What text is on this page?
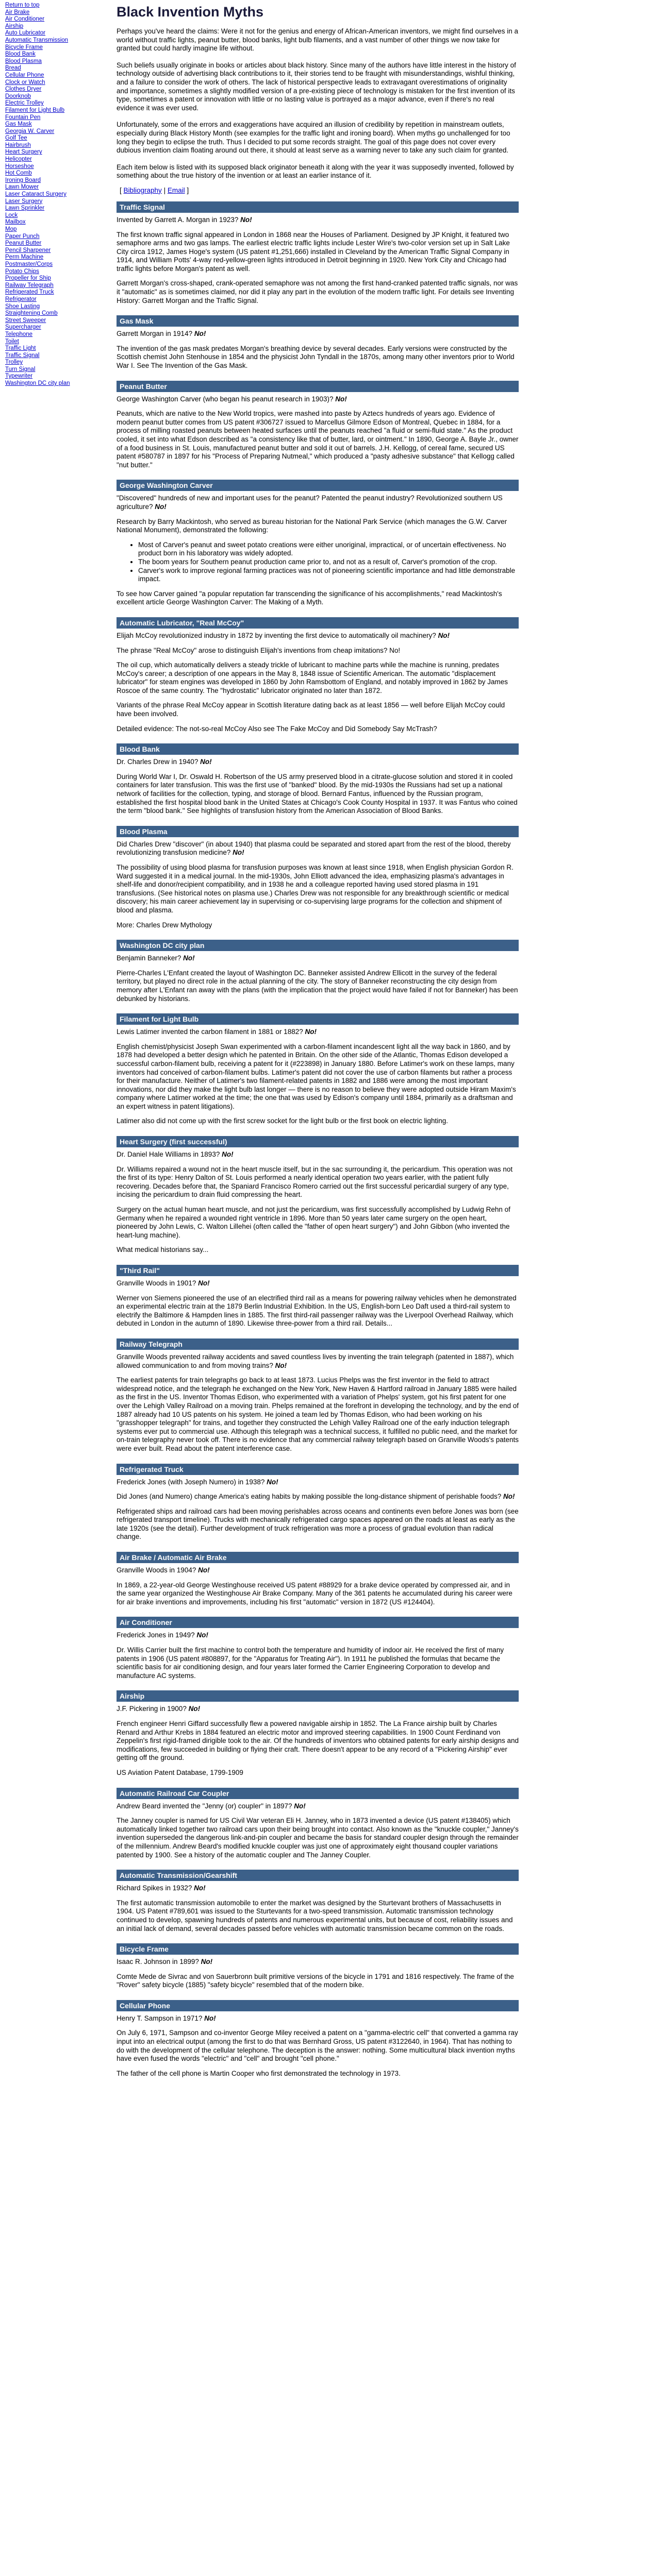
Return to top
Air Brake
Air Conditioner
Airship
Auto Lubricator
Automatic Transmission
Bicycle Frame
Blood Bank
Blood Plasma
Bread
Cellular Phone
Clock or Watch
Clothes Dryer
Doorknob
Electric Trolley
Filament for Light Bulb
Fountain Pen
Gas Mask
Georgia W. Carver
Golf Tee
Hairbrush
Heart Surgery
Helicopter
Horseshoe
Hot Comb
Ironing Board
Lawn Mower
Laser Cataract Surgery
Laser Surgery
Lawn Sprinkler
Lock
Mailbox
Mop
Paper Punch
Peanut Butter
Pencil Sharpener
Perm Machine
Postmaster/Corps
Potato Chips
Propeller for Ship
Railway Telegraph
Refrigerated Truck
Refrigerator
Shoe Lasting
Straightening Comb
Street Sweeper
Supercharger
Telephone
Toilet
Traffic Light
Traffic Signal
Trolley
Turn Signal
Typewriter
Washington DC city plan
Black Invention Myths

Perhaps you've heard the claims: Were it not for the genius and energy of African-American inventors, we might find ourselves in a world without traffic lights, peanut butter, blood banks, light bulb filaments, and a vast number of other things we now take for granted but could hardly imagine life without.

Such beliefs usually originate in books or articles about black history. Since many of the authors have little interest in the history of technology outside of advertising black contributions to it, their stories tend to be fraught with misunderstandings, wishful thinking, and a failure to consider the work of others. The lack of historical perspective leads to extravagant overestimations of originality and importance, sometimes a slightly modified version of a pre-existing piece of technology is mistaken for the first invention of its type, sometimes a patent or innovation with little or no lasting value is portrayed as a major advance, even if there's no real evidence it was ever used.

Unfortunately, some of the errors and exaggerations have acquired an illusion of credibility by repetition in mainstream outlets, especially during Black History Month (see examples for the traffic light and ironing board). When myths go unchallenged for too long they begin to eclipse the truth. Thus I decided to put some records straight. The goal of this page does not cover every dubious invention claim floating around out there, it should at least serve as a warning never to take any such claim for granted.

Each item below is listed with its supposed black originator beneath it along with the year it was supposedly invented, followed by something about the true history of the invention or at least an earlier instance of it.

[ Bibliography | Email ]
Traffic Signal

Invented by Garrett A. Morgan in 1923? No!

The first known traffic signal appeared in London in 1868 near the Houses of Parliament. Designed by JP Knight, it featured two semaphore arms and two gas lamps. The earliest electric traffic lights include Lester Wire's two-color version set up in Salt Lake City circa 1912, James Hoge's system (US patent #1,251,666) installed in Cleveland by the American Traffic Signal Company in 1914, and William Potts' 4-way red-yellow-green lights introduced in Detroit beginning in 1920. New York City and Chicago had traffic lights before Morgan's patent as well.

Garrett Morgan's cross-shaped, crank-operated semaphore was not among the first hand-cranked patented traffic signals, nor was it "automatic" as is sometimes claimed, nor did it play any part in the evolution of the modern traffic light. For details see Inventing History: Garrett Morgan and the Traffic Signal.

Gas Mask

Garrett Morgan in 1914? No!

The invention of the gas mask predates Morgan's breathing device by several decades. Early versions were constructed by the Scottish chemist John Stenhouse in 1854 and the physicist John Tyndall in the 1870s, among many other inventors prior to World War I. See The Invention of the Gas Mask.

Peanut Butter

George Washington Carver (who began his peanut research in 1903)? No!

Peanuts, which are native to the New World tropics, were mashed into paste by Aztecs hundreds of years ago. Evidence of modern peanut butter comes from US patent #306727 issued to Marcellus Gilmore Edson of Montreal, Quebec in 1884, for a process of milling roasted peanuts between heated surfaces until the peanuts reached "a fluid or semi-fluid state." As the product cooled, it set into what Edson described as "a consistency like that of butter, lard, or ointment." In 1890, George A. Bayle Jr., owner of a food business in St. Louis, manufactured peanut butter and sold it out of barrels. J.H. Kellogg, of cereal fame, secured US patent #580787 in 1897 for his "Process of Preparing Nutmeal," which produced a "pasty adhesive substance" that Kellogg called "nut butter."

George Washington Carver

"Discovered" hundreds of new and important uses for the peanut? Patented the peanut industry? Revolutionized southern US agriculture? No!

Research by Barry Mackintosh, who served as bureau historian for the National Park Service (which manages the G.W. Carver National Monument), demonstrated the following:

• Most of Carver's peanut and sweet potato creations were either unoriginal, impractical, or of uncertain effectiveness. No product born in his laboratory was widely adopted.
• The boom years for Southern peanut production came prior to, and not as a result of, Carver's promotion of the crop.
• Carver's work to improve regional farming practices was not of pioneering scientific importance and had little demonstrable impact.

To see how Carver gained "a popular reputation far transcending the significance of his accomplishments," read Mackintosh's excellent article George Washington Carver: The Making of a Myth.

Automatic Lubricator, "Real McCoy"

Elijah McCoy revolutionized industry in 1872 by inventing the first device to automatically oil machinery? No!

The phrase "Real McCoy" arose to distinguish Elijah's inventions from cheap imitations? No!

The oil cup, which automatically delivers a steady trickle of lubricant to machine parts while the machine is running, predates McCoy's career; a description of one appears in the May 8, 1848 issue of Scientific American. The automatic "displacement lubricator" for steam engines was developed in 1860 by John Ramsbottom of England, and notably improved in 1862 by James Roscoe of the same country. The "hydrostatic" lubricator originated no later than 1872.

Variants of the phrase Real McCoy appear in Scottish literature dating back as at least 1856 — well before Elijah McCoy could have been involved.

Detailed evidence: The not-so-real McCoy Also see The Fake McCoy and Did Somebody Say McTrash?

Blood Bank

Dr. Charles Drew in 1940? No!

During World War I, Dr. Oswald H. Robertson of the US army preserved blood in a citrate-glucose solution and stored it in cooled containers for later transfusion. This was the first use of "banked" blood. By the mid-1930s the Russians had set up a national network of facilities for the collection, typing, and storage of blood. Bernard Fantus, influenced by the Russian program, established the first hospital blood bank in the United States at Chicago's Cook County Hospital in 1937. It was Fantus who coined the term "blood bank." See highlights of transfusion history from the American Association of Blood Banks.

Blood Plasma

Did Charles Drew "discover" (in about 1940) that plasma could be separated and stored apart from the rest of the blood, thereby revolutionizing transfusion medicine? No!

The possibility of using blood plasma for transfusion purposes was known at least since 1918, when English physician Gordon R. Ward suggested it in a medical journal. In the mid-1930s, John Elliott advanced the idea, emphasizing plasma's advantages in shelf-life and donor/recipient compatibility, and in 1938 he and a colleague reported having used stored plasma in 191 transfusions. (See historical notes on plasma use.) Charles Drew was not responsible for any breakthrough scientific or medical discovery; his main career achievement lay in supervising or co-supervising large programs for the collection and shipment of blood and plasma.

More: Charles Drew Mythology

Washington DC city plan

Benjamin Banneker? No!

Pierre-Charles L'Enfant created the layout of Washington DC. Banneker assisted Andrew Ellicott in the survey of the federal territory, but played no direct role in the actual planning of the city. The story of Banneker reconstructing the city design from memory after L'Enfant ran away with the plans (with the implication that the project would have failed if not for Banneker) has been debunked by historians.

Filament for Light Bulb

Lewis Latimer invented the carbon filament in 1881 or 1882? No!

English chemist/physicist Joseph Swan experimented with a carbon-filament incandescent light all the way back in 1860, and by 1878 had developed a better design which he patented in Britain. On the other side of the Atlantic, Thomas Edison developed a successful carbon-filament bulb, receiving a patent for it (#223898) in January 1880. Before Latimer's work on these lamps, many inventors had conceived of carbon-filament bulbs. Latimer's patent did not cover the use of carbon filaments but rather a process for their manufacture. Neither of Latimer's two filament-related patents in 1882 and 1886 were among the most important innovations, nor did they make the light bulb last longer — there is no reason to believe they were adopted outside Hiram Maxim's company where Latimer worked at the time; the one that was used by Edison's company until 1884, primarily as a draftsman and an expert witness in patent litigations).

Latimer also did not come up with the first screw socket for the light bulb or the first book on electric lighting.

Heart Surgery (first successful)

Dr. Daniel Hale Williams in 1893? No!

Dr. Williams repaired a wound not in the heart muscle itself, but in the sac surrounding it, the pericardium. This operation was not the first of its type: Henry Dalton of St. Louis performed a nearly identical operation two years earlier, with the patient fully recovering. Decades before that, the Spaniard Francisco Romero carried out the first successful pericardial surgery of any type, incising the pericardium to drain fluid compressing the heart.

Surgery on the actual human heart muscle, and not just the pericardium, was first successfully accomplished by Ludwig Rehn of Germany when he repaired a wounded right ventricle in 1896. More than 50 years later came surgery on the open heart, pioneered by John Lewis, C. Walton Lillehei (often called the "father of open heart surgery") and John Gibbon (who invented the heart-lung machine).

What medical historians say...

"Third Rail"

Granville Woods in 1901? No!

Werner von Siemens pioneered the use of an electrified third rail as a means for powering railway vehicles when he demonstrated an experimental electric train at the 1879 Berlin Industrial Exhibition. In the US, English-born Leo Daft used a third-rail system to electrify the Baltimore & Hampden lines in 1885. The first third-rail passenger railway was the Liverpool Overhead Railway, which debuted in London in the autumn of 1890. Likewise three-power from a third rail. Details...

Railway Telegraph

Granville Woods prevented railway accidents and saved countless lives by inventing the train telegraph (patented in 1887), which allowed communication to and from moving trains? No!

The earliest patents for train telegraphs go back to at least 1873. Lucius Phelps was the first inventor in the field to attract widespread notice, and the telegraph he exchanged on the New York, New Haven & Hartford railroad in January 1885 were hailed as the first in the US. Inventor Thomas Edison, who experimented with a variation of Phelps' system, got his first patent for one over the Lehigh Valley Railroad on a moving train. Phelps remained at the forefront in developing the technology, and by the end of 1887 already had 10 US patents on his system. He joined a team led by Thomas Edison, who had been working on his "grasshopper telegraph" for trains, and together they constructed the Lehigh Valley Railroad one of the early induction telegraph systems ever put to commercial use. Although this telegraph was a technical success, it fulfilled no public need, and the market for on-train telegraphy never took off. There is no evidence that any commercial railway telegraph based on Granville Woods's patents were ever built. Read about the patent interference case.

Refrigerated Truck

Frederick Jones (with Joseph Numero) in 1938? No!

Did Jones (and Numero) change America's eating habits by making possible the long-distance shipment of perishable foods? No!

Refrigerated ships and railroad cars had been moving perishables across oceans and continents even before Jones was born (see refrigerated transport timeline). Trucks with mechanically refrigerated cargo spaces appeared on the roads at least as early as the late 1920s (see the detail). Further development of truck refrigeration was more a process of gradual evolution than radical change.

Air Brake / Automatic Air Brake

Granville Woods in 1904? No!

In 1869, a 22-year-old George Westinghouse received US patent #88929 for a brake device operated by compressed air, and in the same year organized the Westinghouse Air Brake Company. Many of the 361 patents he accumulated during his career were for air brake inventions and improvements, including his first "automatic" version in 1872 (US #124404).

Air Conditioner

Frederick Jones in 1949? No!

Dr. Willis Carrier built the first machine to control both the temperature and humidity of indoor air. He received the first of many patents in 1906 (US patent #808897, for the "Apparatus for Treating Air"). In 1911 he published the formulas that became the scientific basis for air conditioning design, and four years later formed the Carrier Engineering Corporation to develop and manufacture AC systems.

Airship

J.F. Pickering in 1900? No!

French engineer Henri Giffard successfully flew a powered navigable airship in 1852. The La France airship built by Charles Renard and Arthur Krebs in 1884 featured an electric motor and improved steering capabilities. In 1900 Count Ferdinand von Zeppelin's first rigid-framed dirigible took to the air. Of the hundreds of inventors who obtained patents for early airship designs and modifications, few succeeded in building or flying their craft. There doesn't appear to be any record of a "Pickering Airship" ever getting off the ground.

US Aviation Patent Database, 1799-1909

Automatic Railroad Car Coupler

Andrew Beard invented the "Jenny (or) coupler" in 1897? No!

The Janney coupler is named for US Civil War veteran Eli H. Janney, who in 1873 invented a device (US patent #138405) which automatically linked together two railroad cars upon their being brought into contact. Also known as the "knuckle coupler," Janney's invention superseded the dangerous link-and-pin coupler and became the basis for standard coupler design through the remainder of the millennium. Andrew Beard's modified knuckle coupler was just one of approximately eight thousand coupler variations patented by 1900. See a history of the automatic coupler and The Janney Coupler.

Automatic Transmission/Gearshift

Richard Spikes in 1932? No!

The first automatic transmission automobile to enter the market was designed by the Sturtevant brothers of Massachusetts in 1904. US Patent #789,601 was issued to the Sturtevants for a two-speed transmission. Automatic transmission technology continued to develop, spawning hundreds of patents and numerous experimental units, but because of cost, reliability issues and an initial lack of demand, several decades passed before vehicles with automatic transmission became common on the roads.

Bicycle Frame

Isaac R. Johnson in 1899? No!

Comte Mede de Sivrac and von Sauerbronn built primitive versions of the bicycle in 1791 and 1816 respectively. The frame of the "Rover" safety bicycle (1885) "safety bicycle" resembled that of the modern bike.

Cellular Phone

Henry T. Sampson in 1971? No!

On July 6, 1971, Sampson and co-inventor George Miley received a patent on a "gamma-electric cell" that converted a gamma ray input into an electrical output (among the first to do that was Bernhard Gross, US patent #3122640, in 1964). That has nothing to do with the development of the cellular telephone. The deception is the answer: nothing. Some multicultural black invention myths have even fused the words "electric" and "cell" and brought "cell phone."

The father of the cell phone is Martin Cooper who first demonstrated the technology in 1973.
